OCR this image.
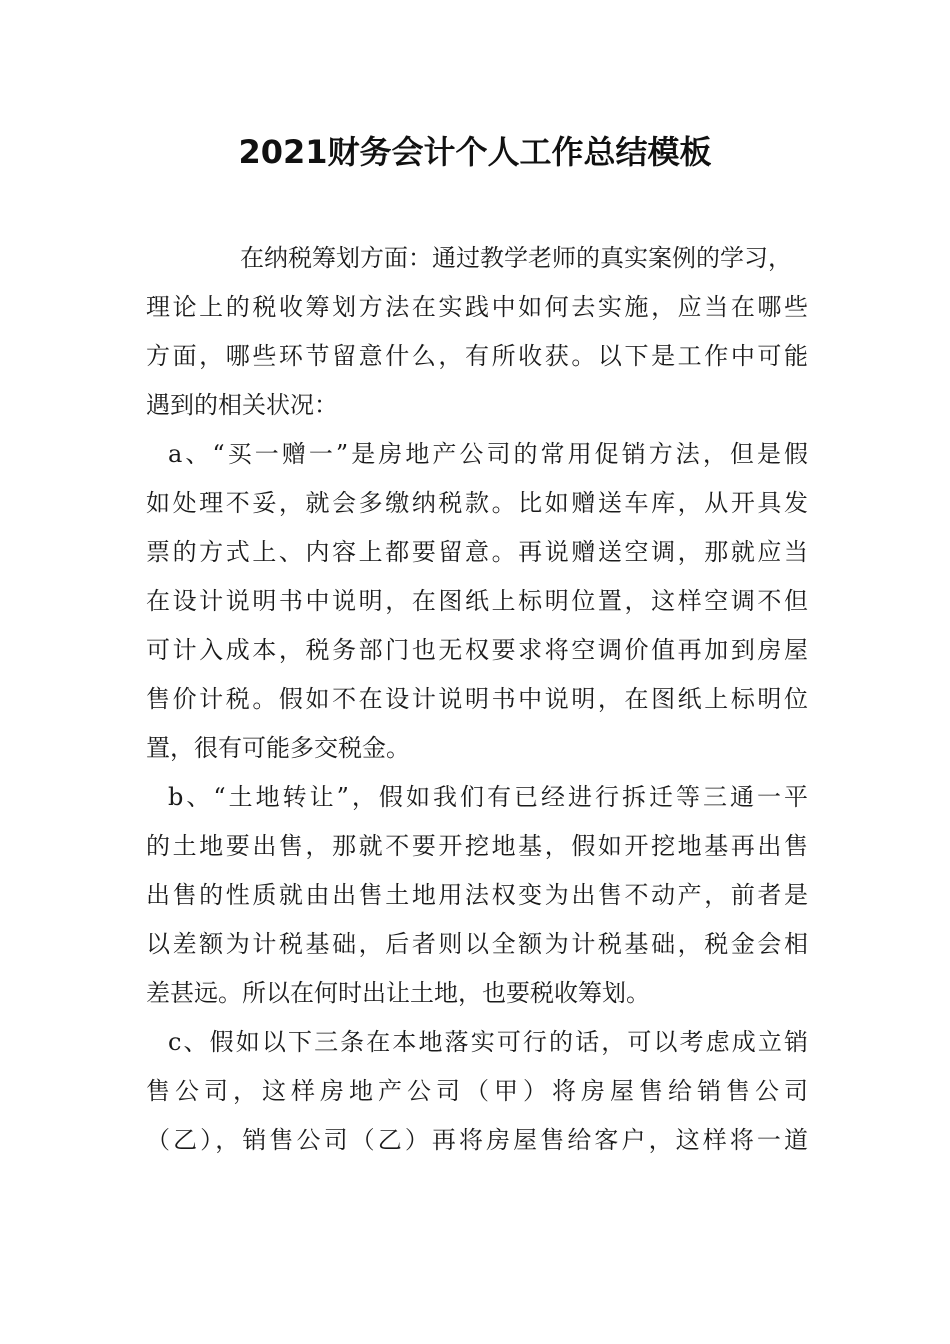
2021财务会计个人工作总结模板

在纳税筹划方面：通过教学老师的真实案例的学习，

理论上的税收筹划方法在实践中如何去实施，应当在哪些

方面，哪些环节留意什么，有所收获。以下是工作中可能

遇到的相关状况：

a、“买一赠一”是房地产公司的常用促销方法，但是假

如处理不妥，就会多缴纳税款。比如赠送车库，从开具发

票的方式上、内容上都要留意。再说赠送空调，那就应当

在设计说明书中说明，在图纸上标明位置，这样空调不但

可计入成本，税务部门也无权要求将空调价值再加到房屋

售价计税。假如不在设计说明书中说明，在图纸上标明位

置，很有可能多交税金。

b、“土地转让”，假如我们有已经进行拆迁等三通一平

的土地要出售，那就不要开挖地基，假如开挖地基再出售

出售的性质就由出售土地用法权变为出售不动产，前者是

以差额为计税基础，后者则以全额为计税基础，税金会相

差甚远。所以在何时出让土地，也要税收筹划。

c、假如以下三条在本地落实可行的话，可以考虑成立销

售公司，这样房地产公司（甲）将房屋售给销售公司

（乙），销售公司（乙）再将房屋售给客户，这样将一道
